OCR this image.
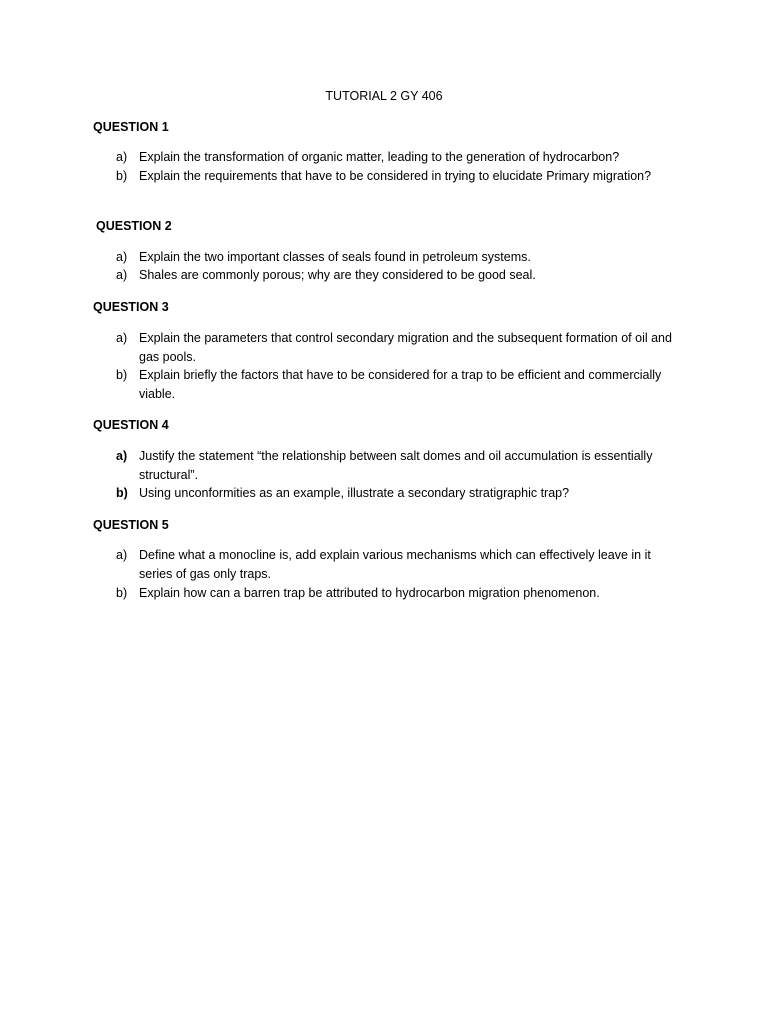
TUTORIAL 2 GY 406
QUESTION 1
a) Explain the transformation of organic matter, leading to the generation of hydrocarbon?
b) Explain the requirements that have to be considered in trying to elucidate Primary migration?
QUESTION 2
a) Explain the two important classes of seals found in petroleum systems.
a) Shales are commonly porous; why are they considered to be good seal.
QUESTION 3
a) Explain the parameters that control secondary migration and the subsequent formation of oil and gas pools.
b) Explain briefly the factors that have to be considered for a trap to be efficient and commercially viable.
QUESTION 4
a) Justify the statement “the relationship between salt domes and oil accumulation is essentially structural”.
b) Using unconformities as an example, illustrate a secondary stratigraphic trap?
QUESTION 5
a) Define what a monocline is, add explain various mechanisms which can effectively leave in it series of gas only traps.
b) Explain how can a barren trap be attributed to hydrocarbon migration phenomenon.
